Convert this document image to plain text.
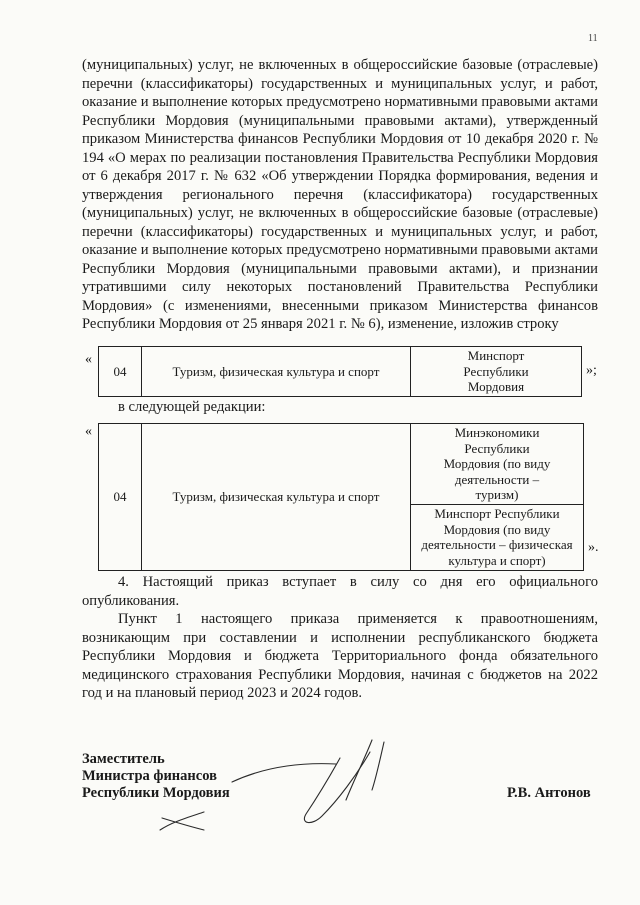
11

(муниципальных) услуг, не включенных в общероссийские базовые (отраслевые) перечни (классификаторы) государственных и муниципальных услуг, и работ, оказание и выполнение которых предусмотрено нормативными правовыми актами Республики Мордовия (муниципальными правовыми актами), утвержденный приказом Министерства финансов Республики Мордовия от 10 декабря 2020 г. № 194 «О мерах по реализации постановления Правительства Республики Мордовия от 6 декабря 2017 г. № 632 «Об утверждении Порядка формирования, ведения и утверждения регионального перечня (классификатора) государственных (муниципальных) услуг, не включенных в общероссийские базовые (отраслевые) перечни (классификаторы) государственных и муниципальных услуг, и работ, оказание и выполнение которых предусмотрено нормативными правовыми актами Республики Мордовия (муниципальными правовыми актами), и признании утратившими силу некоторых постановлений Правительства Республики Мордовия» (с изменениями, внесенными приказом Министерства финансов Республики Мордовия от 25 января 2021 г. № 6), изменение, изложив строку

«
04	Туризм, физическая культура и спорт	Минспорт Республики Мордовия
»;

в следующей редакции:

«
04	Туризм, физическая культура и спорт	Минэкономики Республики Мордовия (по виду деятельности – туризм)
Минспорт Республики Мордовия (по виду деятельности – физическая культура и спорт)
».

4. Настоящий приказ вступает в силу со дня его официального опубликования.

Пункт 1 настоящего приказа применяется к правоотношениям, возникающим при составлении и исполнении республиканского бюджета Республики Мордовия и бюджета Территориального фонда обязательного медицинского страхования Республики Мордовия, начиная с бюджетов на 2022 год и на плановый период 2023 и 2024 годов.

Заместитель
Министра финансов
Республики Мордовия	Р.В. Антонов
